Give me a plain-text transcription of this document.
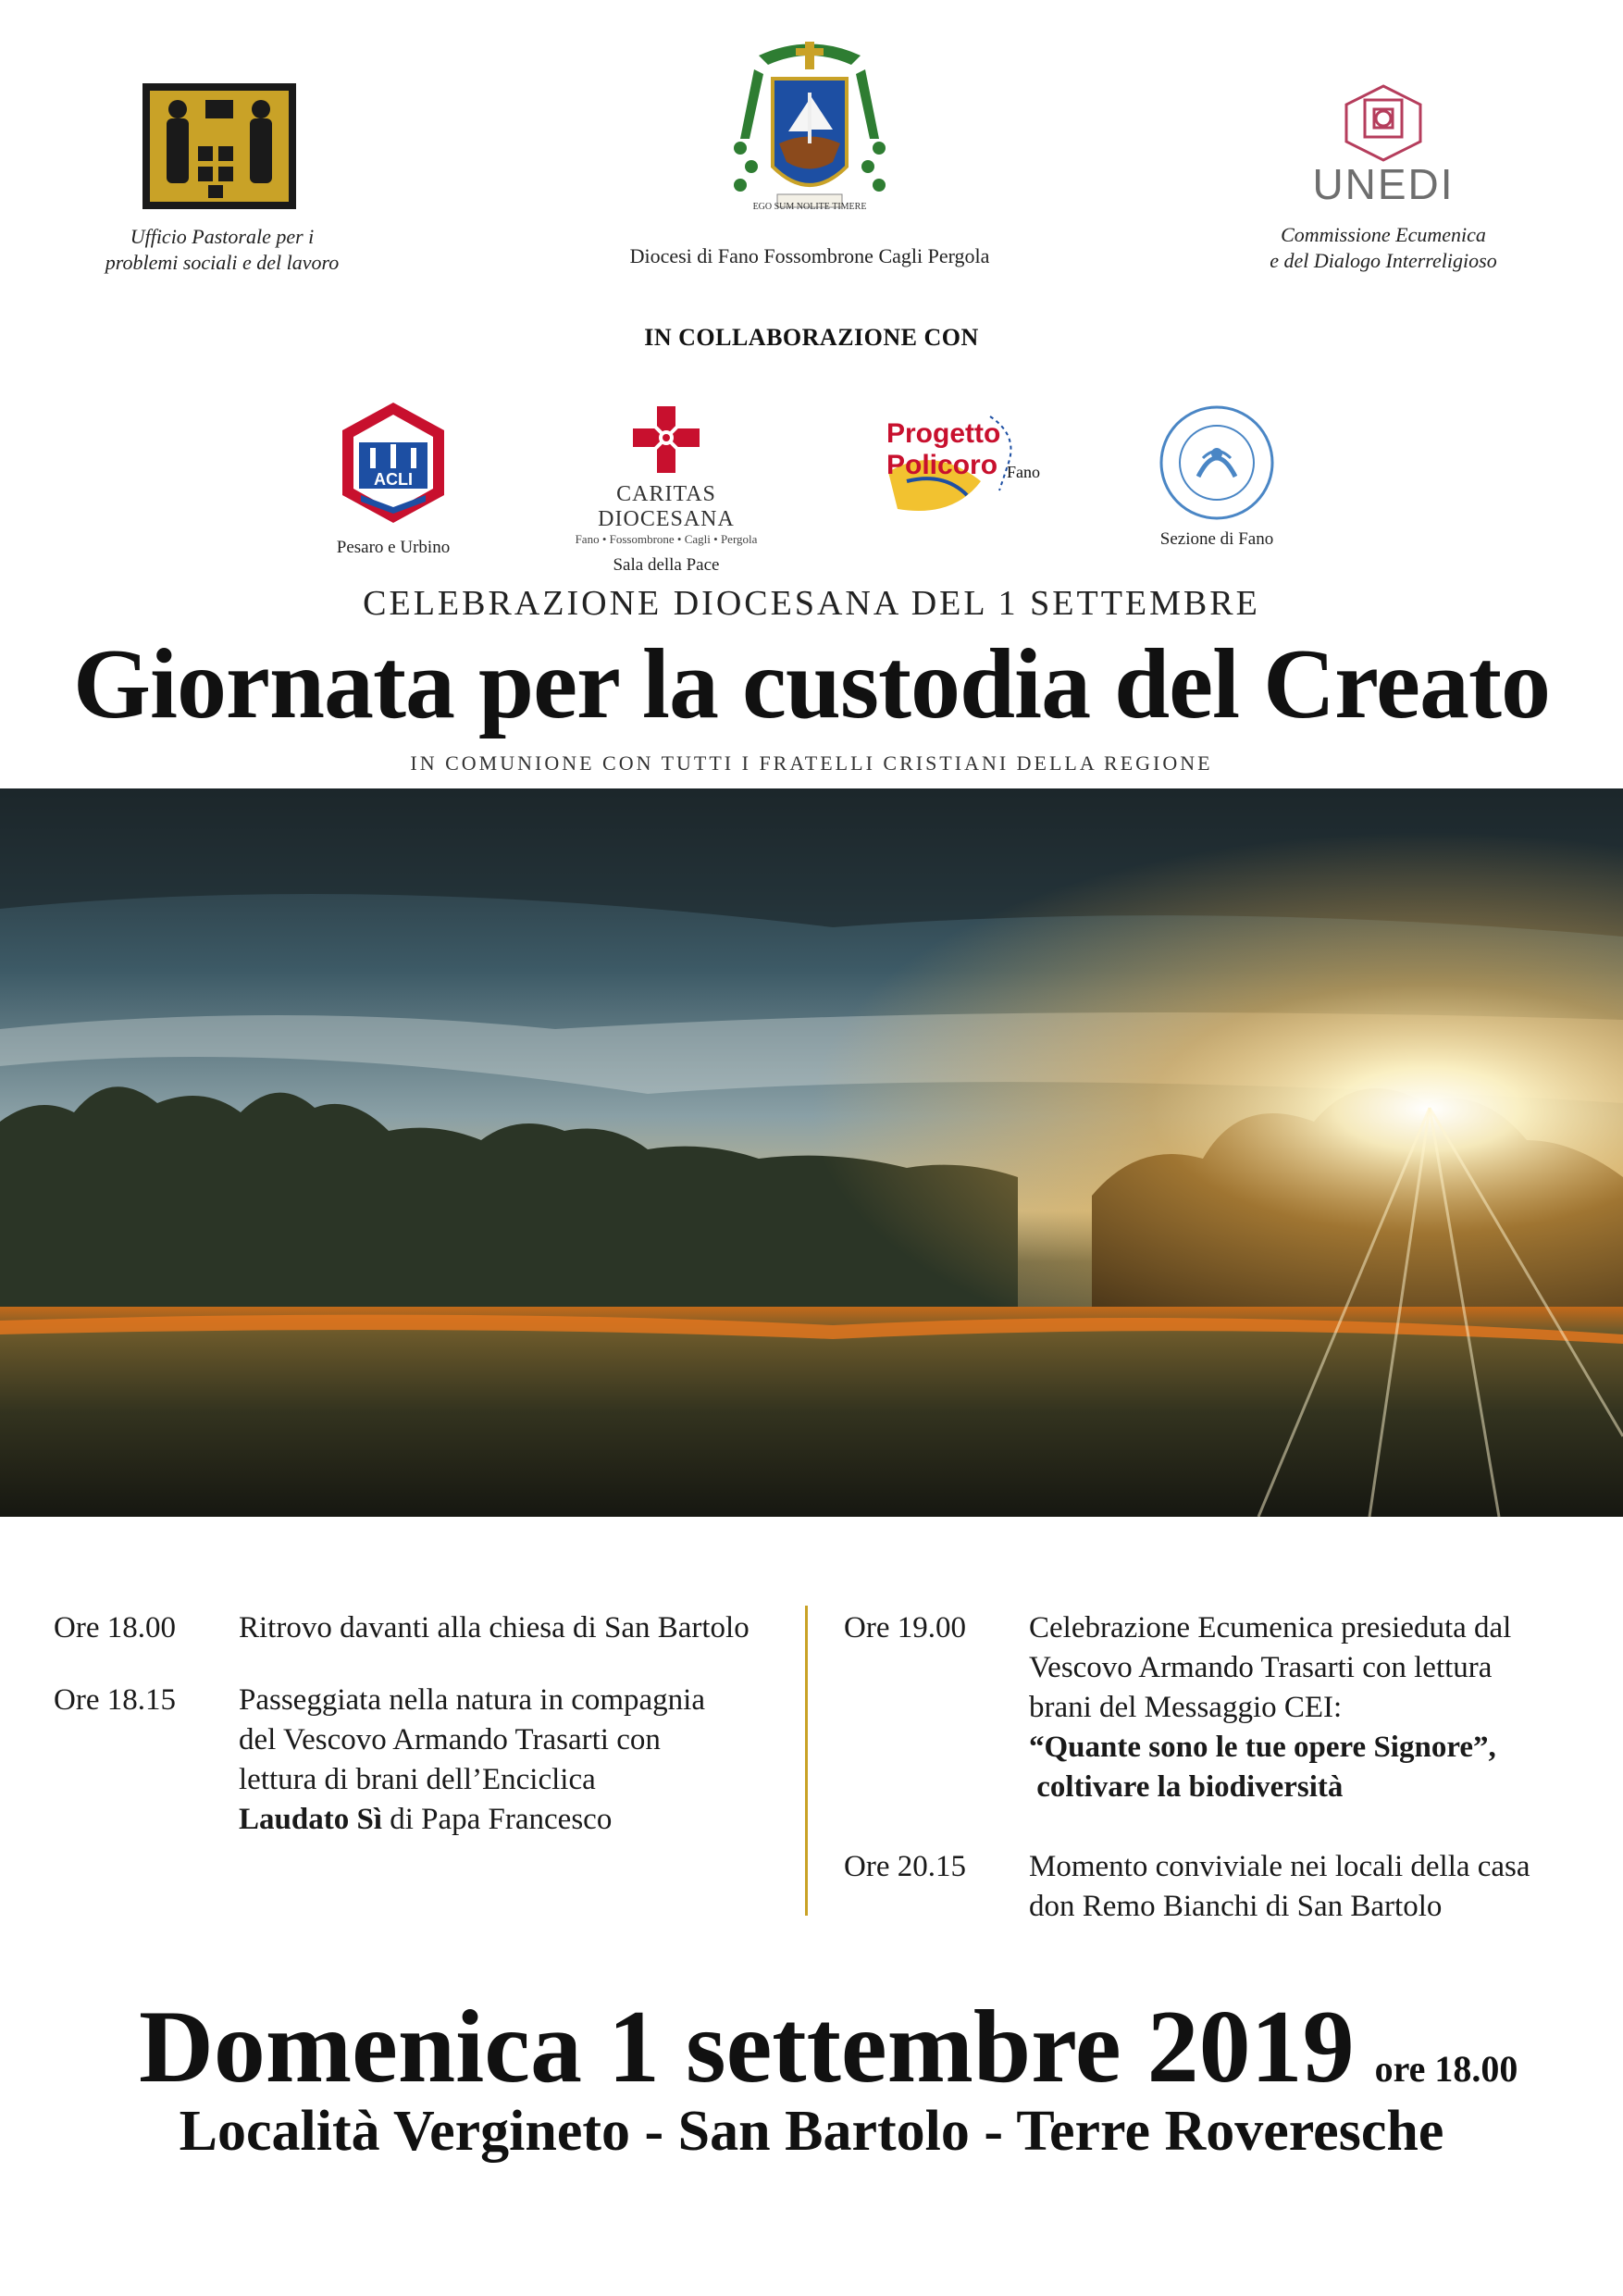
Ufficio Pastorale per i
problemi sociali e del lavoro
EGO SUM NOLITE TIMERE
Diocesi di Fano Fossombrone Cagli Pergola
UNEDI
Commissione Ecumenica
e del Dialogo Interreligioso
IN COLLABORAZIONE CON
ACLI
Pesaro e Urbino
CARITAS DIOCESANA
Fano • Fossombrone • Cagli • Pergola
Sala della Pace
Progetto
Policoro Fano
Sezione di Fano
CELEBRAZIONE DIOCESANA DEL 1 SETTEMBRE
Giornata per la custodia del Creato
IN COMUNIONE CON TUTTI I FRATELLI CRISTIANI DELLA REGIONE
Ore 18.00	Ritrovo davanti alla chiesa di San Bartolo
Ore 18.15	Passeggiata nella natura in compagnia
del Vescovo Armando Trasarti con
lettura di brani dell’Enciclica
Laudato Sì di Papa Francesco
Ore 19.00	Celebrazione Ecumenica presieduta dal
Vescovo Armando Trasarti con lettura
brani del Messaggio CEI:
“Quante sono le tue opere Signore”,
coltivare la biodiversità
Ore 20.15	Momento conviviale nei locali della casa
don Remo Bianchi di San Bartolo
Domenica 1 settembre 2019 ore 18.00
Località Vergineto - San Bartolo - Terre Roveresche
